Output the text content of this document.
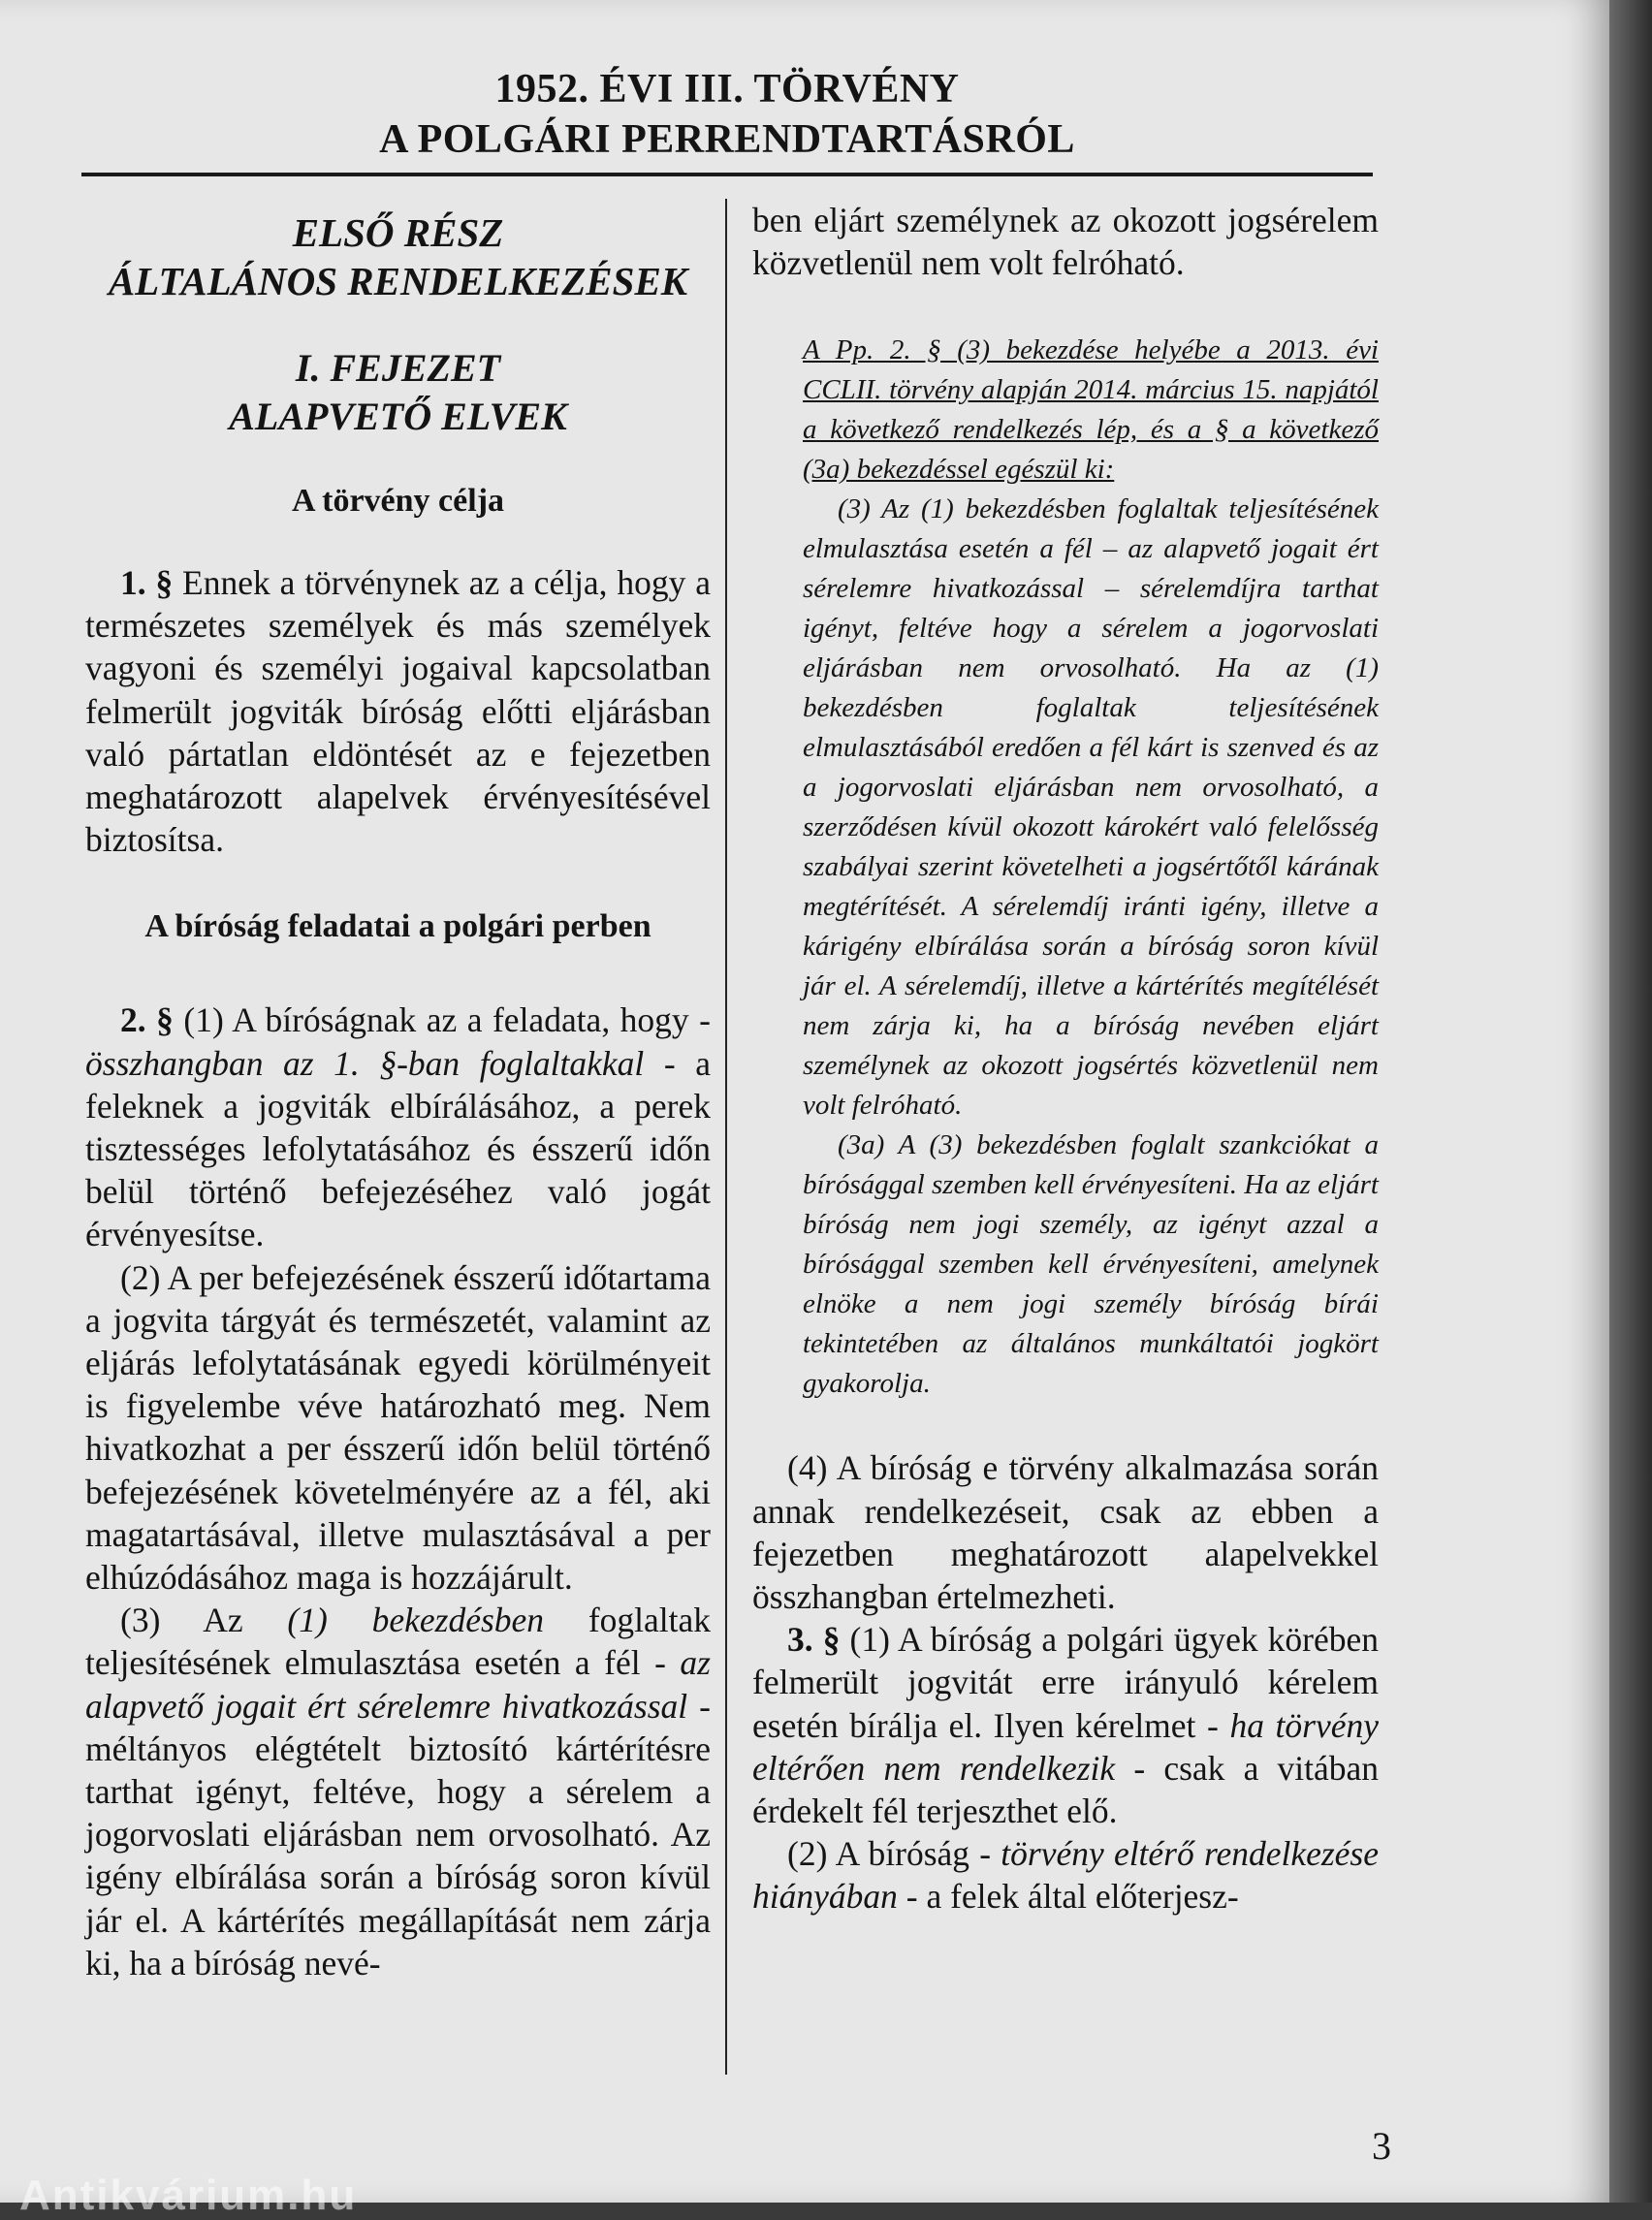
1952. ÉVI III. TÖRVÉNY
A POLGÁRI PERRENDTARTÁSRÓL
ELSŐ RÉSZ
ÁLTALÁNOS RENDELKEZÉSEK
I. FEJEZET
ALAPVETŐ ELVEK
A törvény célja

1. § Ennek a törvénynek az a célja, hogy a természetes személyek és más személyek vagyoni és személyi jogaival kapcsolatban felmerült jogviták bíróság előtti eljárásban való pártatlan eldöntését az e fejezetben meghatározott alapelvek érvényesítésével biztosítsa.

A bíróság feladatai a polgári perben

2. § (1) A bíróságnak az a feladata, hogy - összhangban az 1. §-ban foglaltakkal - a feleknek a jogviták elbírálásához, a perek tisztességes lefolytatásához és ésszerű időn belül történő befejezéséhez való jogát érvényesítse.

(2) A per befejezésének ésszerű időtartama a jogvita tárgyát és természetét, valamint az eljárás lefolytatásának egyedi körülményeit is figyelembe véve határozható meg. Nem hivatkozhat a per ésszerű időn belül történő befejezésének követelményére az a fél, aki magatartásával, illetve mulasztásával a per elhúzódásához maga is hozzájárult.

(3) Az (1) bekezdésben foglaltak teljesítésének elmulasztása esetén a fél - az alapvető jogait ért sérelemre hivatkozással - méltányos elégtételt biztosító kártérítésre tarthat igényt, feltéve, hogy a sérelem a jogorvoslati eljárásban nem orvosolható. Az igény elbírálása során a bíróság soron kívül jár el. A kártérítés megállapítását nem zárja ki, ha a bíróság nevé-

ben eljárt személynek az okozott jogsérelem közvetlenül nem volt felróható.

A Pp. 2. § (3) bekezdése helyébe a 2013. évi CCLII. törvény alapján 2014. március 15. napjától a következő rendelkezés lép, és a § a következő (3a) bekezdéssel egészül ki:

(3) Az (1) bekezdésben foglaltak teljesítésének elmulasztása esetén a fél – az alapvető jogait ért sérelemre hivatkozással – sérelemdíjra tarthat igényt, feltéve hogy a sérelem a jogorvoslati eljárásban nem orvosolható. Ha az (1) bekezdésben foglaltak teljesítésének elmulasztásából eredően a fél kárt is szenved és az a jogorvoslati eljárásban nem orvosolható, a szerződésen kívül okozott károkért való felelősség szabályai szerint követelheti a jogsértőtől kárának megtérítését. A sérelemdíj iránti igény, illetve a kárigény elbírálása során a bíróság soron kívül jár el. A sérelemdíj, illetve a kártérítés megítélését nem zárja ki, ha a bíróság nevében eljárt személynek az okozott jogsértés közvetlenül nem volt felróható.

(3a) A (3) bekezdésben foglalt szankciókat a bírósággal szemben kell érvényesíteni. Ha az eljárt bíróság nem jogi személy, az igényt azzal a bírósággal szemben kell érvényesíteni, amelynek elnöke a nem jogi személy bíróság bírái tekintetében az általános munkáltatói jogkört gyakorolja.

(4) A bíróság e törvény alkalmazása során annak rendelkezéseit, csak az ebben a fejezetben meghatározott alapelvekkel összhangban értelmezheti.

3. § (1) A bíróság a polgári ügyek körében felmerült jogvitát erre irányuló kérelem esetén bírálja el. Ilyen kérelmet - ha törvény eltérően nem rendelkezik - csak a vitában érdekelt fél terjeszthet elő.

(2) A bíróság - törvény eltérő rendelkezése hiányában - a felek által előterjesz-

3
Antikvárium.hu
